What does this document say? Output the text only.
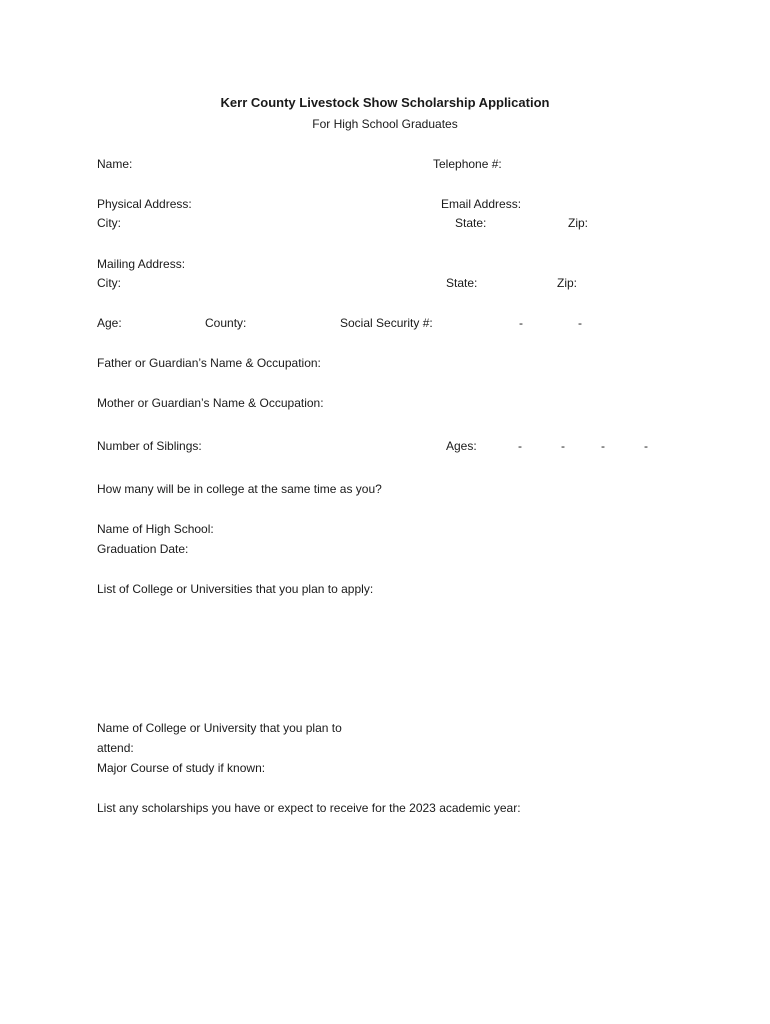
Kerr County Livestock Show Scholarship Application
For High School Graduates
Name:	Telephone #:
Physical Address:	Email Address:
City:	State:	Zip:
Mailing Address:
City:	State:	Zip:
Age:	County:	Social Security #:	-	-
Father or Guardian’s Name & Occupation:
Mother or Guardian’s Name & Occupation:
Number of Siblings:	Ages:	-	-	-	-
How many will be in college at the same time as you?
Name of High School:
Graduation Date:
List of College or Universities that you plan to apply:
Name of College or University that you plan to
attend:
Major Course of study if known:
List any scholarships you have or expect to receive for the 2023 academic year:
